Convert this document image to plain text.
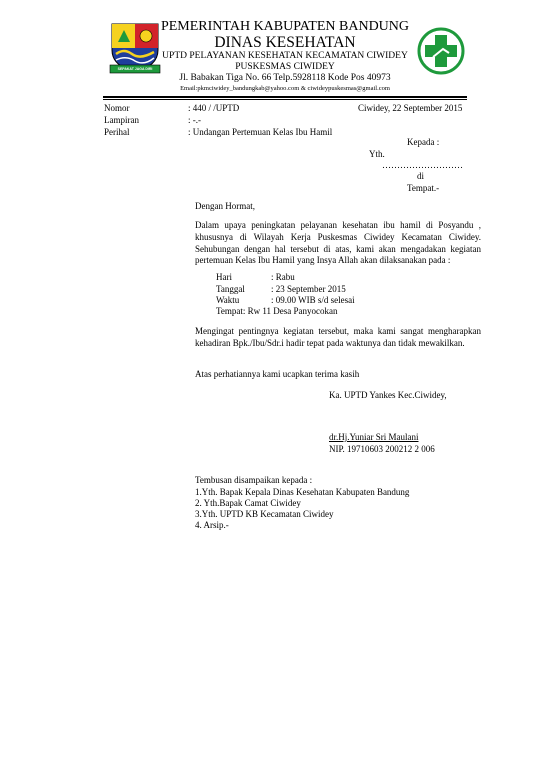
SEPAKAT JAGA DIRI
PEMERINTAH KABUPATEN BANDUNG
DINAS KESEHATAN
UPTD PELAYANAN KESEHATAN KECAMATAN CIWIDEY
PUSKESMAS CIWIDEY
Jl. Babakan Tiga No. 66 Telp.5928118 Kode Pos 40973
Email:pkmciwidey_bandungkab@yahoo.com & ciwideypuskesmas@gmail.com
Nomor	: 440 / /UPTD	Ciwidey, 22 September 2015
Lampiran	: -.-
Perihal	: Undangan Pertemuan Kelas Ibu Hamil
Kepada :
Yth.
………………………
di
Tempat.-
Dengan Hormat,
Dalam upaya peningkatan pelayanan kesehatan ibu hamil di Posyandu , khususnya di Wilayah Kerja Puskesmas Ciwidey Kecamatan Ciwidey. Sehubungan dengan hal tersebut di atas, kami akan mengadakan kegiatan pertemuan Kelas Ibu Hamil yang Insya Allah akan dilaksanakan pada :
Hari	: Rabu
Tanggal	: 23 September 2015
Waktu	: 09.00 WIB s/d selesai
Tempat: Rw 11 Desa Panyocokan
Mengingat pentingnya kegiatan tersebut, maka kami sangat mengharapkan kehadiran Bpk./Ibu/Sdr.i hadir tepat pada waktunya dan tidak mewakilkan.
Atas perhatiannya kami ucapkan terima kasih
Ka. UPTD Yankes Kec.Ciwidey,
dr.Hj.Yuniar Sri Maulani
NIP. 19710603 200212 2 006
Tembusan disampaikan kepada :
1.Yth. Bapak Kepala Dinas Kesehatan Kabupaten Bandung
2. Yth.Bapak Camat Ciwidey
3.Yth. UPTD KB Kecamatan Ciwidey
4. Arsip.-
